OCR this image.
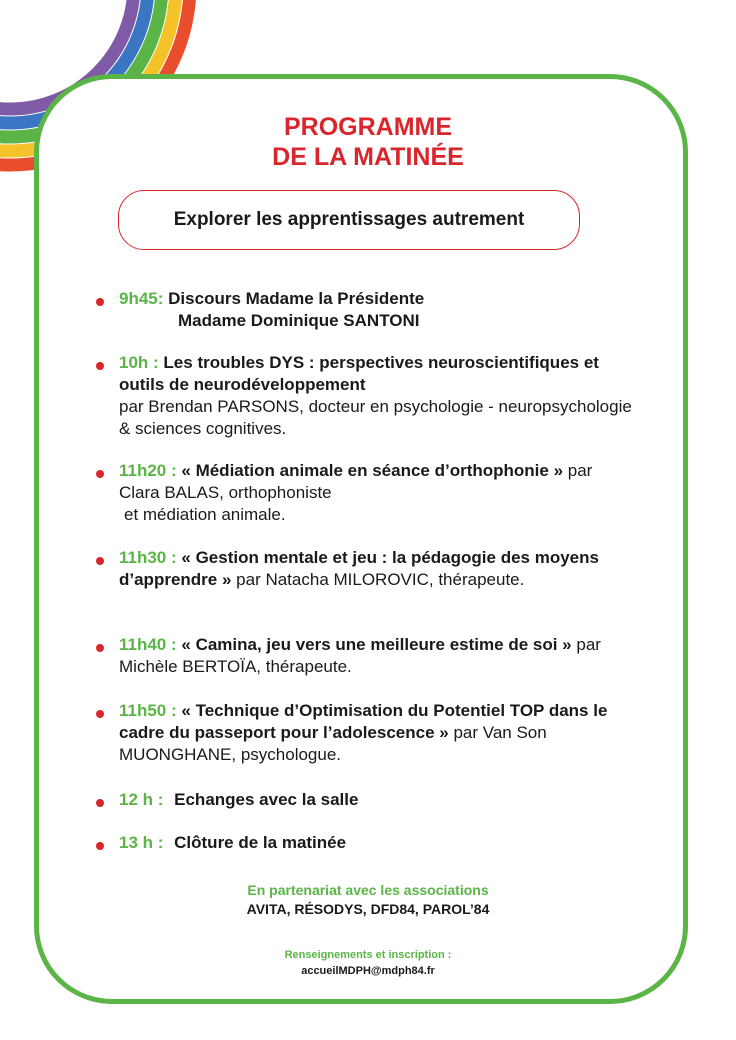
PROGRAMME
DE LA MATINÉE
Explorer les apprentissages autrement
9h45: Discours Madame la Présidente
Madame Dominique SANTONI
10h : Les troubles DYS : perspectives neuroscientifiques et outils de neurodéveloppement
par Brendan PARSONS, docteur en psychologie - neuropsychologie & sciences cognitives.
11h20 : « Médiation animale en séance d’orthophonie » par Clara BALAS, orthophoniste
et médiation animale.
11h30 : « Gestion mentale et jeu : la pédagogie des moyens d’apprendre » par Natacha MILOROVIC, thérapeute.
11h40 : « Camina, jeu vers une meilleure estime de soi » par Michèle BERTOÏA, thérapeute.
11h50 : « Technique d’Optimisation du Potentiel TOP dans le cadre du passeport pour l’adolescence » par Van Son MUONGHANE, psychologue.
12 h : Echanges avec la salle
13 h : Clôture de la matinée
En partenariat avec les associations
AVITA, RÉSODYS, DFD84, PAROL’84
Renseignements et inscription :
accueilMDPH@mdph84.fr
